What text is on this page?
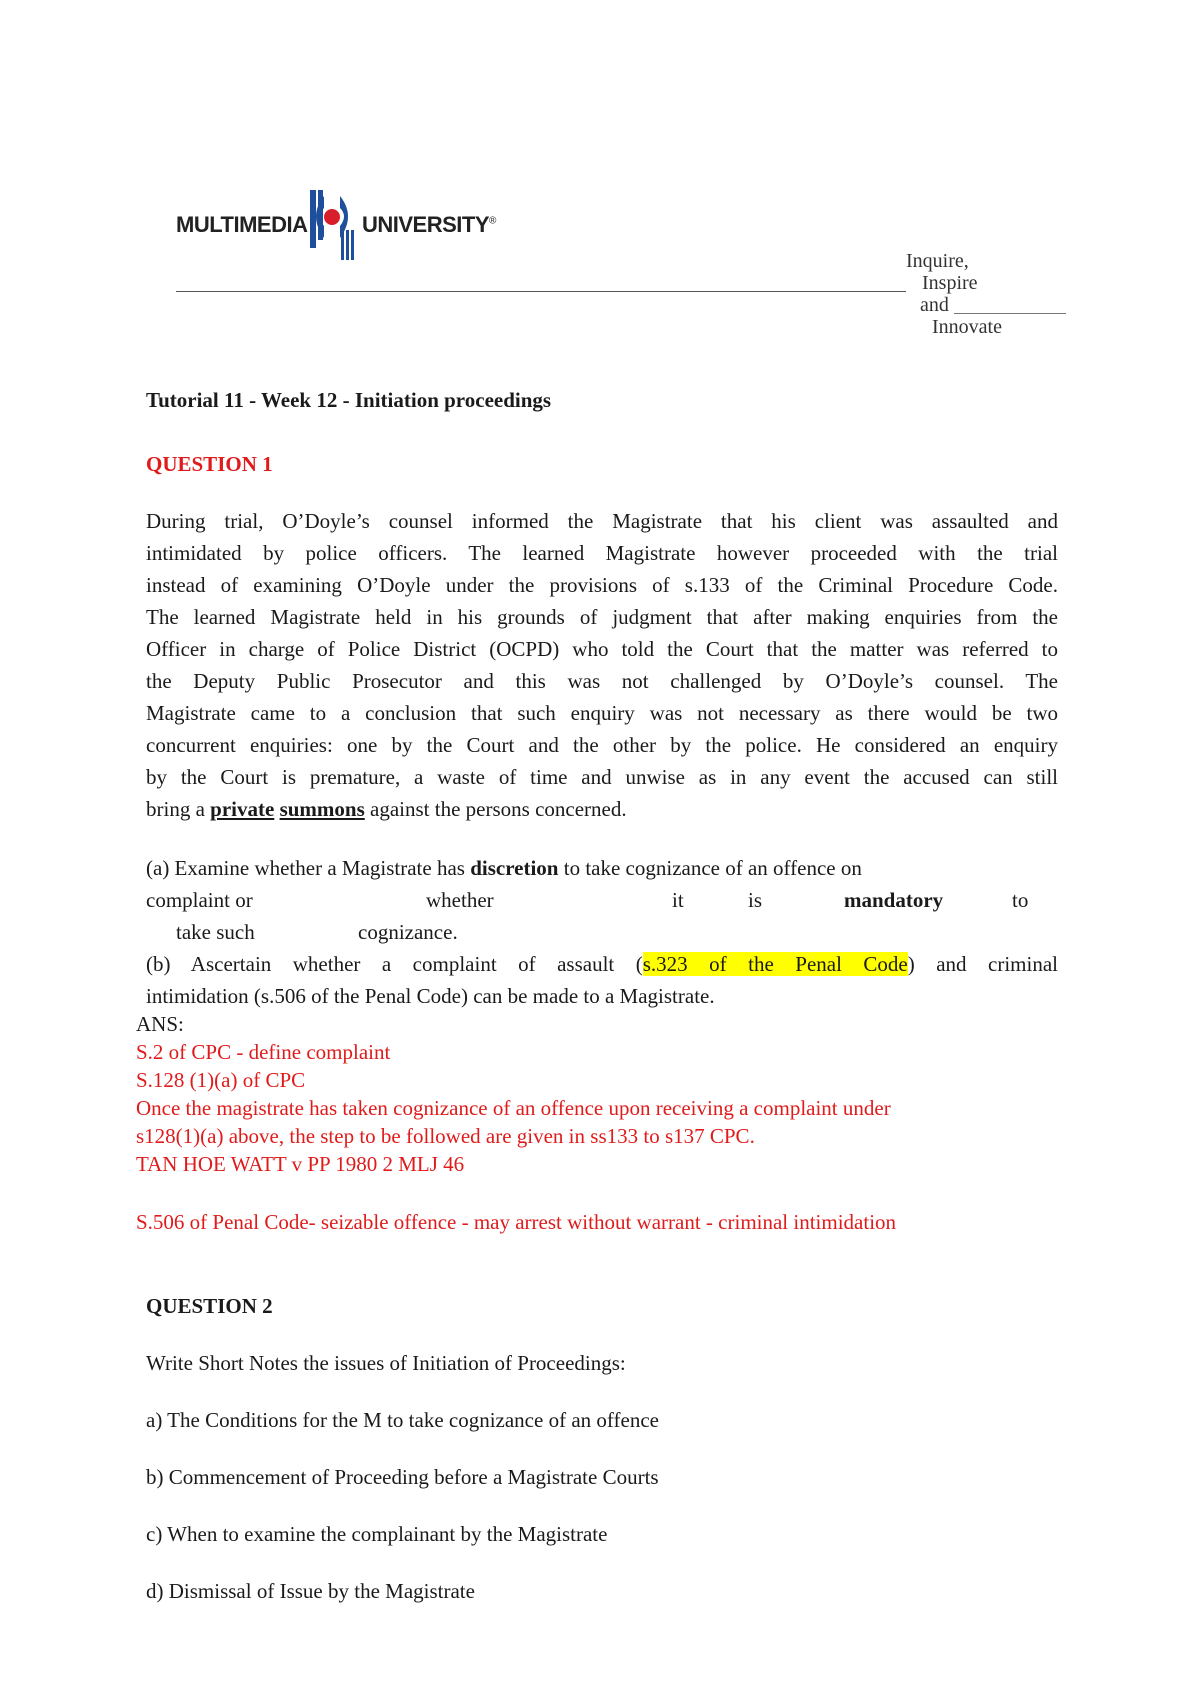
MULTIMEDIA UNIVERSITY®
Inquire,
Inspire
and
Innovate
Tutorial 11 - Week 12 - Initiation proceedings
QUESTION 1
During trial, O’Doyle’s counsel informed the Magistrate that his client was assaulted and
intimidated by police officers. The learned Magistrate however proceeded with the trial
instead of examining O’Doyle under the provisions of s.133 of the Criminal Procedure Code.
The learned Magistrate held in his grounds of judgment that after making enquiries from the
Officer in charge of Police District (OCPD) who told the Court that the matter was referred to
the Deputy Public Prosecutor and this was not challenged by O’Doyle’s counsel. The
Magistrate came to a conclusion that such enquiry was not necessary as there would be two
concurrent enquiries: one by the Court and the other by the police. He considered an enquiry
by the Court is premature, a waste of time and unwise as in any event the accused can still
bring a private summons against the persons concerned.
(a) Examine whether a Magistrate has discretion to take cognizance of an offence on
complaint or	whether	it	is	mandatory	to
take such	cognizance.
(b) Ascertain whether a complaint of assault (s.323 of the Penal Code) and criminal
intimidation (s.506 of the Penal Code) can be made to a Magistrate.
ANS:
S.2 of CPC - define complaint
S.128 (1)(a) of CPC
Once the magistrate has taken cognizance of an offence upon receiving a complaint under
s128(1)(a) above, the step to be followed are given in ss133 to s137 CPC.
TAN HOE WATT v PP 1980 2 MLJ 46
S.506 of Penal Code- seizable offence - may arrest without warrant - criminal intimidation
QUESTION 2
Write Short Notes the issues of Initiation of Proceedings:
a) The Conditions for the M to take cognizance of an offence
b) Commencement of Proceeding before a Magistrate Courts
c) When to examine the complainant by the Magistrate
d) Dismissal of Issue by the Magistrate
